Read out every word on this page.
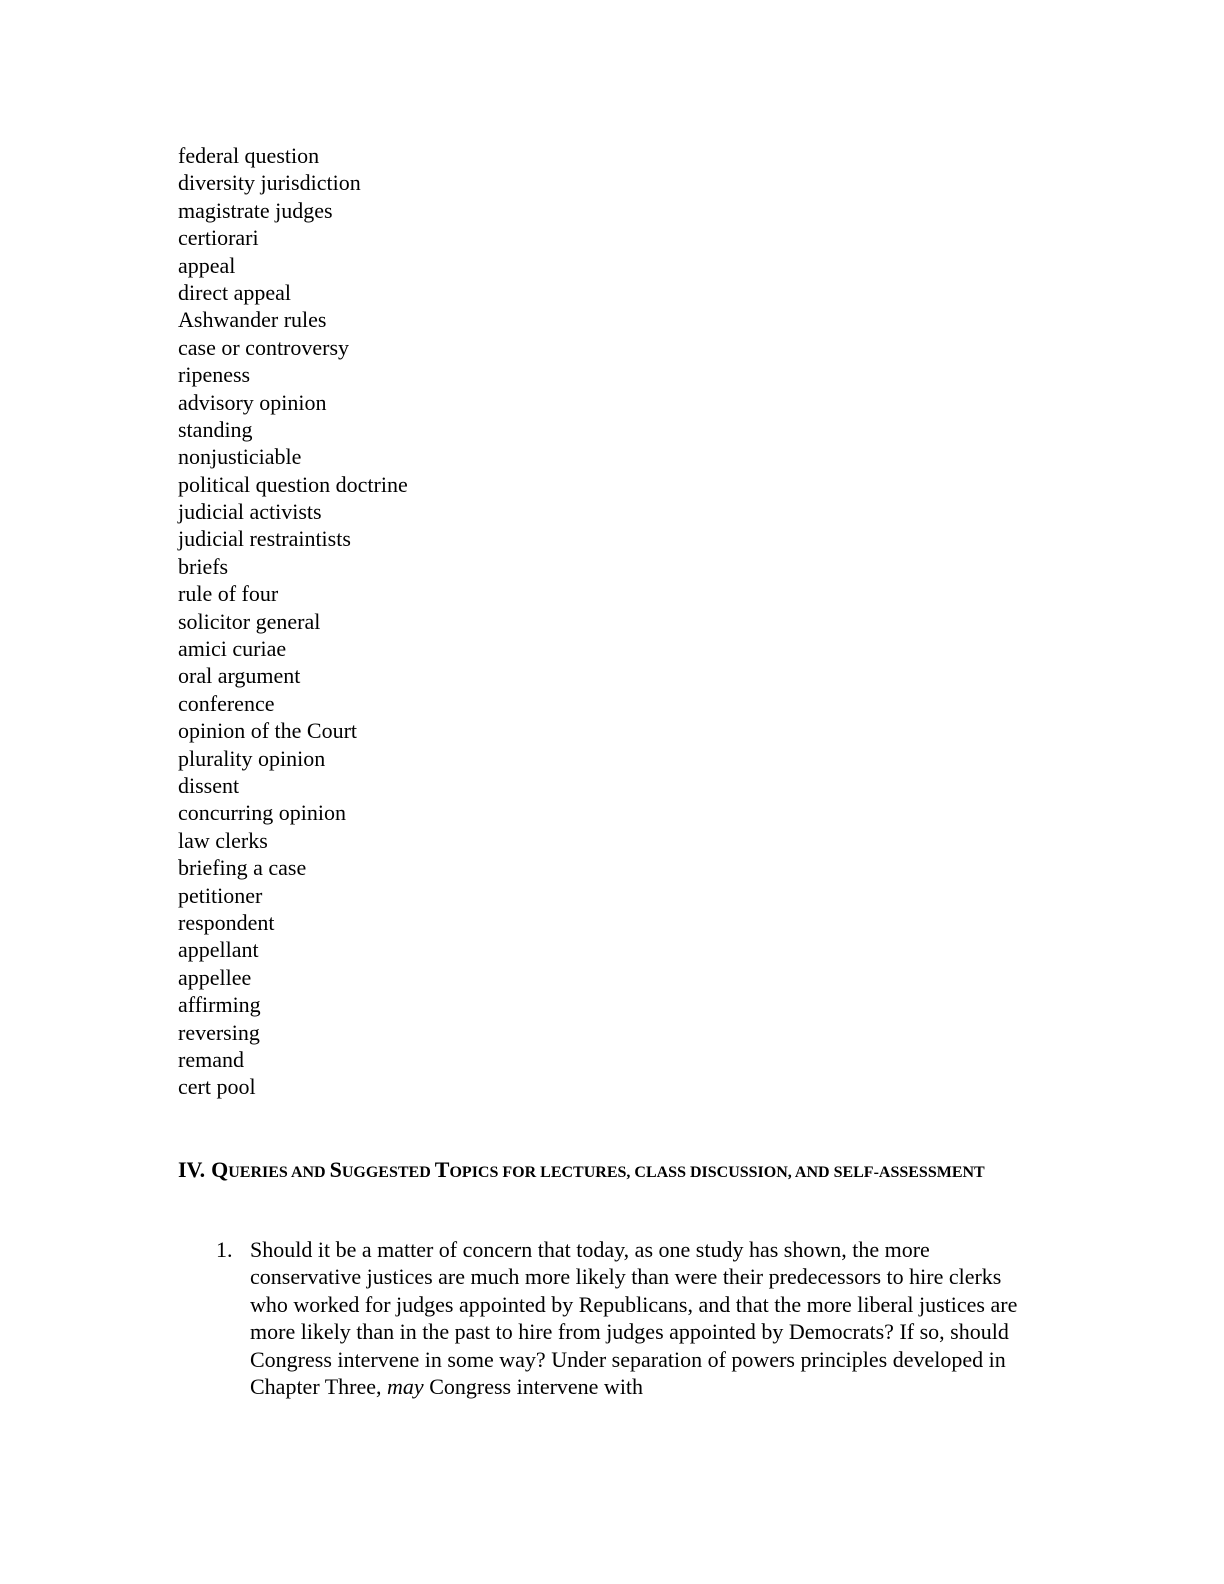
federal question
diversity jurisdiction
magistrate judges
certiorari
appeal
direct appeal
Ashwander rules
case or controversy
ripeness
advisory opinion
standing
nonjusticiable
political question doctrine
judicial activists
judicial restraintists
briefs
rule of four
solicitor general
amici curiae
oral argument
conference
opinion of the Court
plurality opinion
dissent
concurring opinion
law clerks
briefing a case
petitioner
respondent
appellant
appellee
affirming
reversing
remand
cert pool
IV. QUERIES AND SUGGESTED TOPICS FOR LECTURES, CLASS DISCUSSION, AND SELF-ASSESSMENT
1. Should it be a matter of concern that today, as one study has shown, the more conservative justices are much more likely than were their predecessors to hire clerks who worked for judges appointed by Republicans, and that the more liberal justices are more likely than in the past to hire from judges appointed by Democrats? If so, should Congress intervene in some way? Under separation of powers principles developed in Chapter Three, may Congress intervene with
